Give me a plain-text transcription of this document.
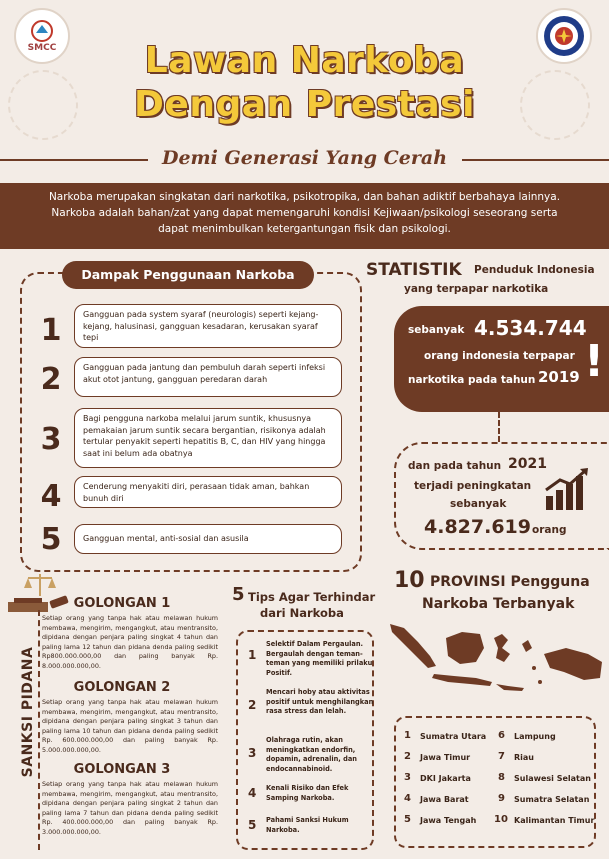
SMCC	Lawan Narkoba
Dengan Prestasi
Demi Generasi Yang Cerah
Narkoba merupakan singkatan dari narkotika, psikotropika, dan bahan adiktif berbahaya lainnya.
Narkoba adalah bahan/zat yang dapat memengaruhi kondisi Kejiwaan/psikologi seseorang serta
dapat menimbulkan ketergantungan fisik dan psikologi.
Dampak Penggunaan Narkoba
1	Gangguan pada system syaraf (neurologis) seperti kejang-kejang, halusinasi, gangguan kesadaran, kerusakan syaraf tepi
2	Gangguan pada jantung dan pembuluh darah seperti infeksi akut otot jantung, gangguan peredaran darah
3
Bagi pengguna narkoba melalui jarum suntik, khususnya pemakaian jarum suntik secara bergantian, risikonya adalah tertular penyakit seperti hepatitis B, C, dan HIV yang hingga saat ini belum ada obatnya
4	Cenderung menyakiti diri, perasaan tidak aman, bahkan bunuh diri
5	Gangguan mental, anti-sosial dan asusila
STATISTIK Penduduk Indonesia
yang terpapar narkotika
sebanyak 4.534.744
orang indonesia terpapar
narkotika pada tahun 2019 !
dan pada tahun 2021
terjadi peningkatan
sebanyak
4.827.619 orang
SANKSI PIDANA
GOLONGAN 1
Setiap orang yang tanpa hak atau melawan hukum membawa, mengirim, mengangkut, atau mentransito, dipidana dengan penjara paling singkat 4 tahun dan paling lama 12 tahun dan pidana denda paling sedikit Rp800.000.000,00 dan paling banyak Rp. 8.000.000.000,00.
GOLONGAN 2
Setiap orang yang tanpa hak atau melawan hukum membawa, mengirim, mengangkut, atau mentransito, dipidana dengan penjara paling singkat 3 tahun dan paling lama 10 tahun dan pidana denda paling sedikit Rp. 600.000.000,00 dan paling banyak Rp. 5.000.000.000,00.
GOLONGAN 3
Setiap orang yang tanpa hak atau melawan hukum membawa, mengirim, mengangkut, atau mentransito, dipidana dengan penjara paling singkat 2 tahun dan paling lama 7 tahun dan pidana denda paling sedikit Rp. 400.000.000,00 dan paling banyak Rp. 3.000.000.000,00.
5 Tips Agar Terhindar
dari Narkoba
1
Selektif Dalam Pergaulan. Bergaulah dengan teman-teman yang memiliki prilaku Positif.
2
Mencari hoby atau aktivitas positif untuk menghilangkan rasa stress dan lelah.
3
Olahraga rutin, akan meningkatkan endorfin, dopamin, adrenalin, dan endocannabinoid.
4 Kenali Risiko dan Efek Samping Narkoba.
5 Pahami Sanksi Hukum Narkoba.
10 PROVINSI Pengguna
Narkoba Terbanyak
1 Sumatra Utara
2 Jawa Timur
3 DKI Jakarta
4 Jawa Barat
5 Jawa Tengah
6 Lampung
7 Riau
8 Sulawesi Selatan
9 Sumatra Selatan
10 Kalimantan Timur
